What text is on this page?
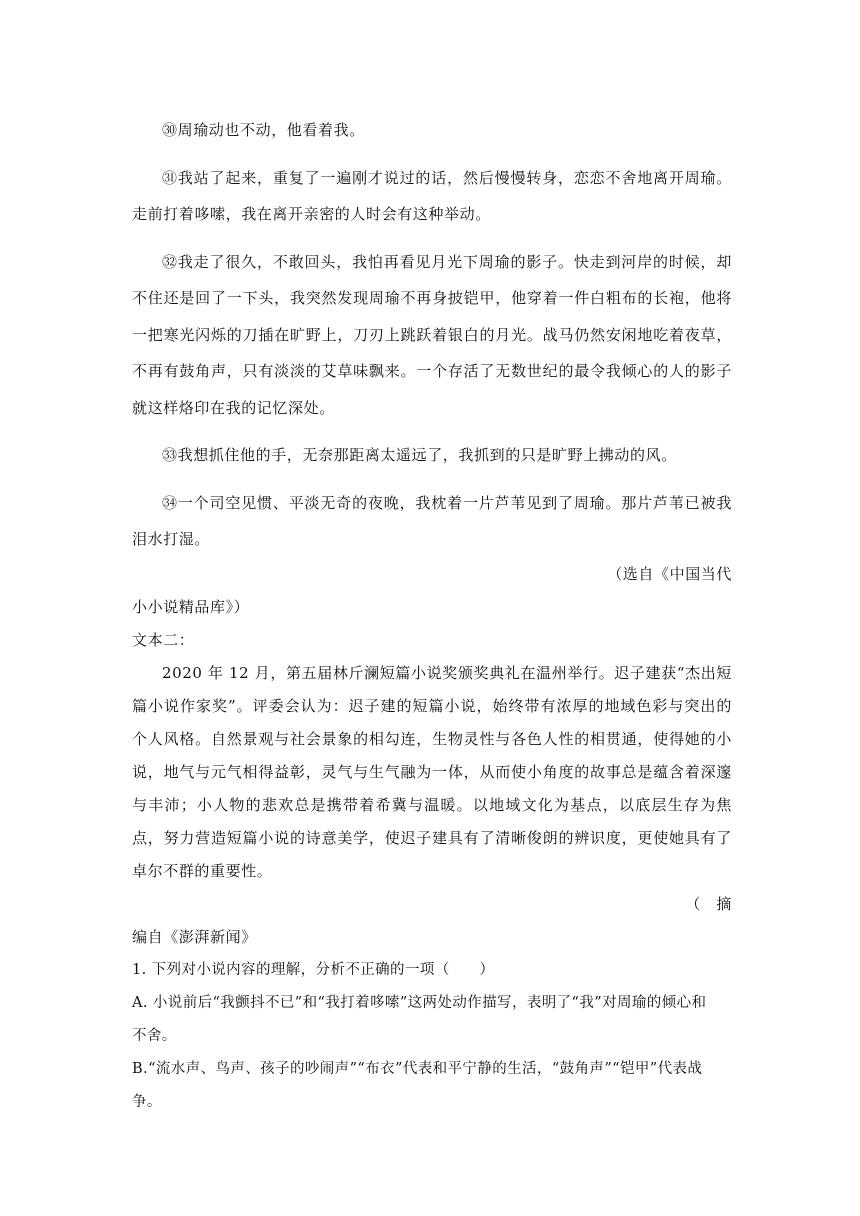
㉚周瑜动也不动，他看着我。

㉛我站了起来，重复了一遍刚才说过的话，然后慢慢转身，恋恋不舍地离开周瑜。走前打着哆嗦，我在离开亲密的人时会有这种举动。

㉜我走了很久，不敢回头，我怕再看见月光下周瑜的影子。快走到河岸的时候，却不住还是回了一下头，我突然发现周瑜不再身披铠甲，他穿着一件白粗布的长袍，他将一把寒光闪烁的刀插在旷野上，刀刃上跳跃着银白的月光。战马仍然安闲地吃着夜草，不再有鼓角声，只有淡淡的艾草味飘来。一个存活了无数世纪的最令我倾心的人的影子就这样烙印在我的记忆深处。

㉝我想抓住他的手，无奈那距离太遥远了，我抓到的只是旷野上拂动的风。

㉞一个司空见惯、平淡无奇的夜晚，我枕着一片芦苇见到了周瑜。那片芦苇已被我泪水打湿。

（选自《中国当代

小小说精品库》）

文本二：

2020 年 12 月，第五届林斤澜短篇小说奖颁奖典礼在温州举行。迟子建获“杰出短篇小说作家奖”。评委会认为：迟子建的短篇小说，始终带有浓厚的地域色彩与突出的个人风格。自然景观与社会景象的相勾连，生物灵性与各色人性的相贯通，使得她的小说，地气与元气相得益彰，灵气与生气融为一体，从而使小角度的故事总是蕴含着深邃与丰沛；小人物的悲欢总是携带着希冀与温暖。以地域文化为基点，以底层生存为焦点，努力营造短篇小说的诗意美学，使迟子建具有了清晰俊朗的辨识度，更使她具有了卓尔不群的重要性。

（　摘

编自《澎湃新闻》

1. 下列对小说内容的理解，分析不正确的一项（　　）

A. 小说前后“我颤抖不已”和“我打着哆嗦”这两处动作描写，表明了“我”对周瑜的倾心和不舍。

B.“流水声、鸟声、孩子的吵闹声”“布衣”代表和平宁静的生活，“鼓角声”“铠甲”代表战争。
